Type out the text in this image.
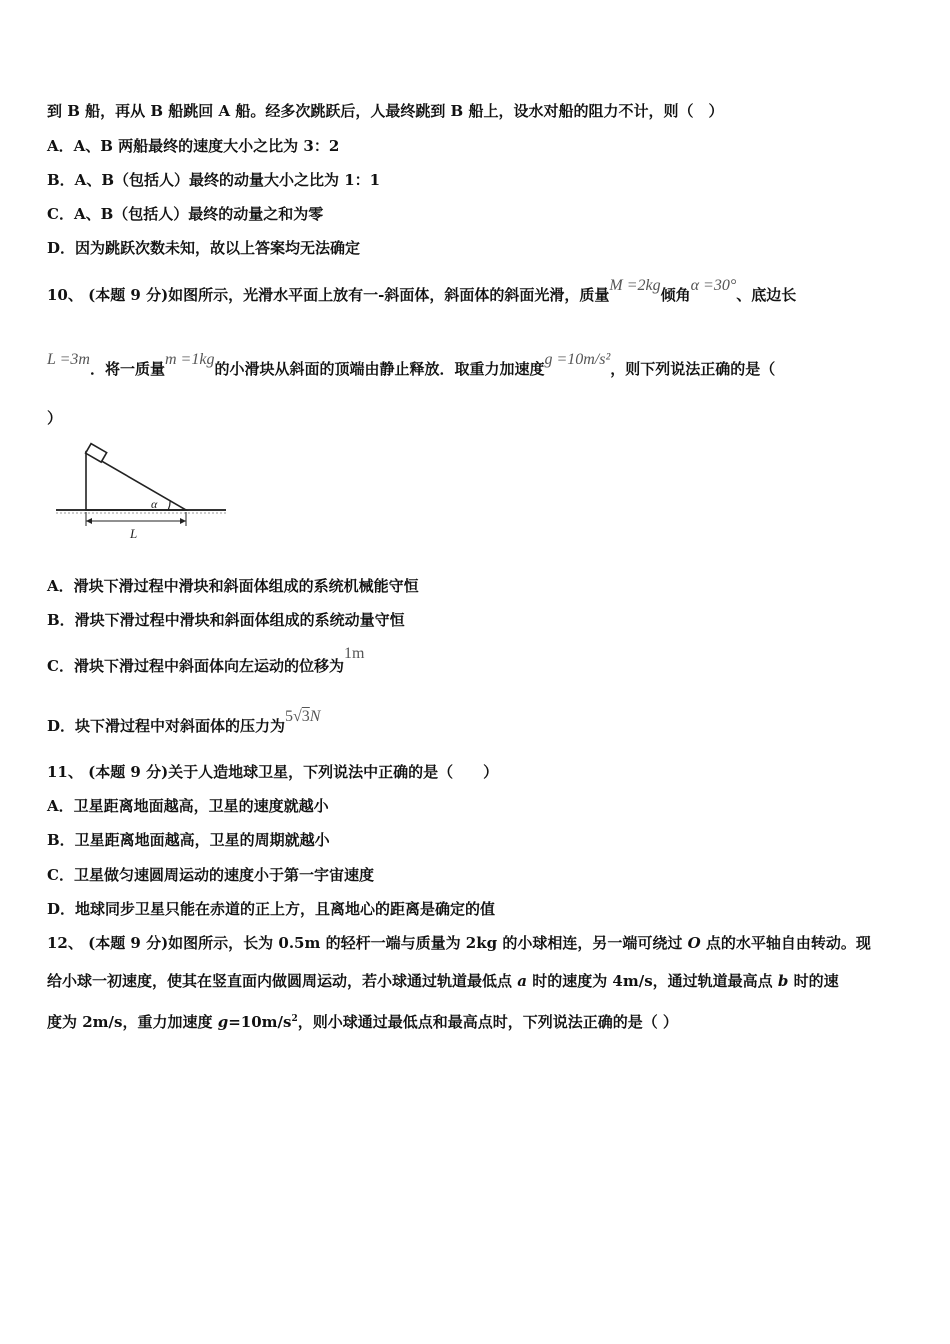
到 B 船，再从 B 船跳回 A 船。经多次跳跃后，人最终跳到 B 船上，设水对船的阻力不计，则（　）
A．A、B 两船最终的速度大小之比为 3：2
B．A、B（包括人）最终的动量大小之比为 1：1
C．A、B（包括人）最终的动量之和为零
D．因为跳跃次数未知，故以上答案均无法确定
10、 (本题 9 分)如图所示，光滑水平面上放有一-斜面体，斜面体的斜面光滑，质量M =2kg倾角α =30°、底边长
L =3m．将一质量m =1kg的小滑块从斜面的顶端由静止释放．取重力加速度g =10m/s²，则下列说法正确的是（
）
α
L
A．滑块下滑过程中滑块和斜面体组成的系统机械能守恒
B．滑块下滑过程中滑块和斜面体组成的系统动量守恒
C．滑块下滑过程中斜面体向左运动的位移为1m
D．块下滑过程中对斜面体的压力为5√3N
11、 (本题 9 分)关于人造地球卫星，下列说法中正确的是（　　）
A．卫星距离地面越高，卫星的速度就越小
B．卫星距离地面越高，卫星的周期就越小
C．卫星做匀速圆周运动的速度小于第一宇宙速度
D．地球同步卫星只能在赤道的正上方，且离地心的距离是确定的值
12、 (本题 9 分)如图所示，长为 0.5m 的轻杆一端与质量为 2kg 的小球相连，另一端可绕过 O 点的水平轴自由转动。现
给小球一初速度，使其在竖直面内做圆周运动，若小球通过轨道最低点 a 时的速度为 4m/s，通过轨道最高点 b 时的速
度为 2m/s，重力加速度 $g=10m/s^2$，则小球通过最低点和最高点时，下列说法正确的是（ ）
